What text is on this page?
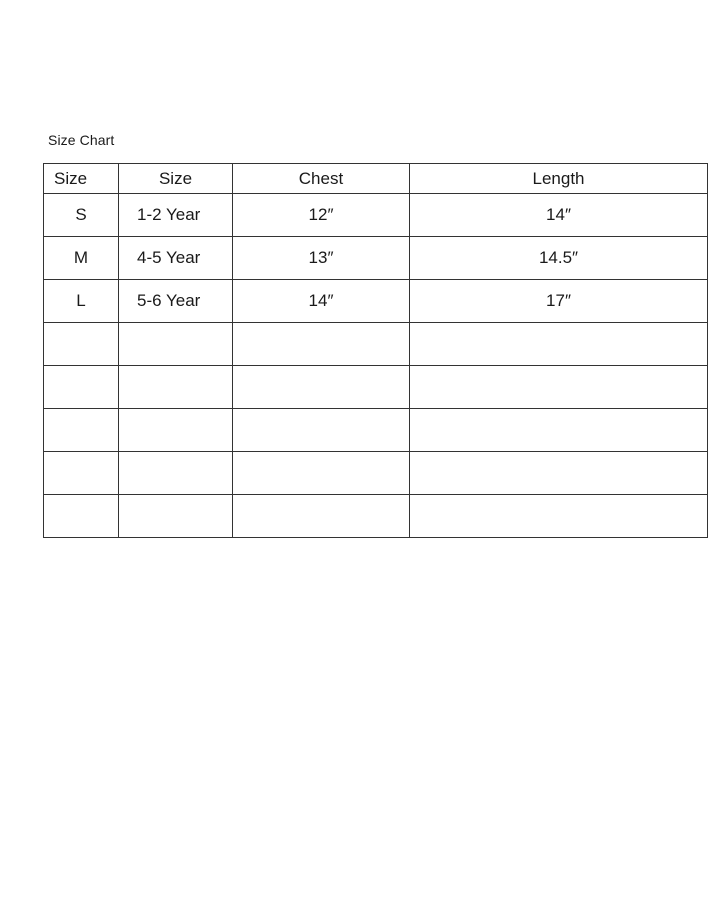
Size Chart
Size	Size	Chest	Length
S	1-2 Year	12″	14″
M	4-5 Year	13″	14.5″
L	5-6 Year	14″	17″
